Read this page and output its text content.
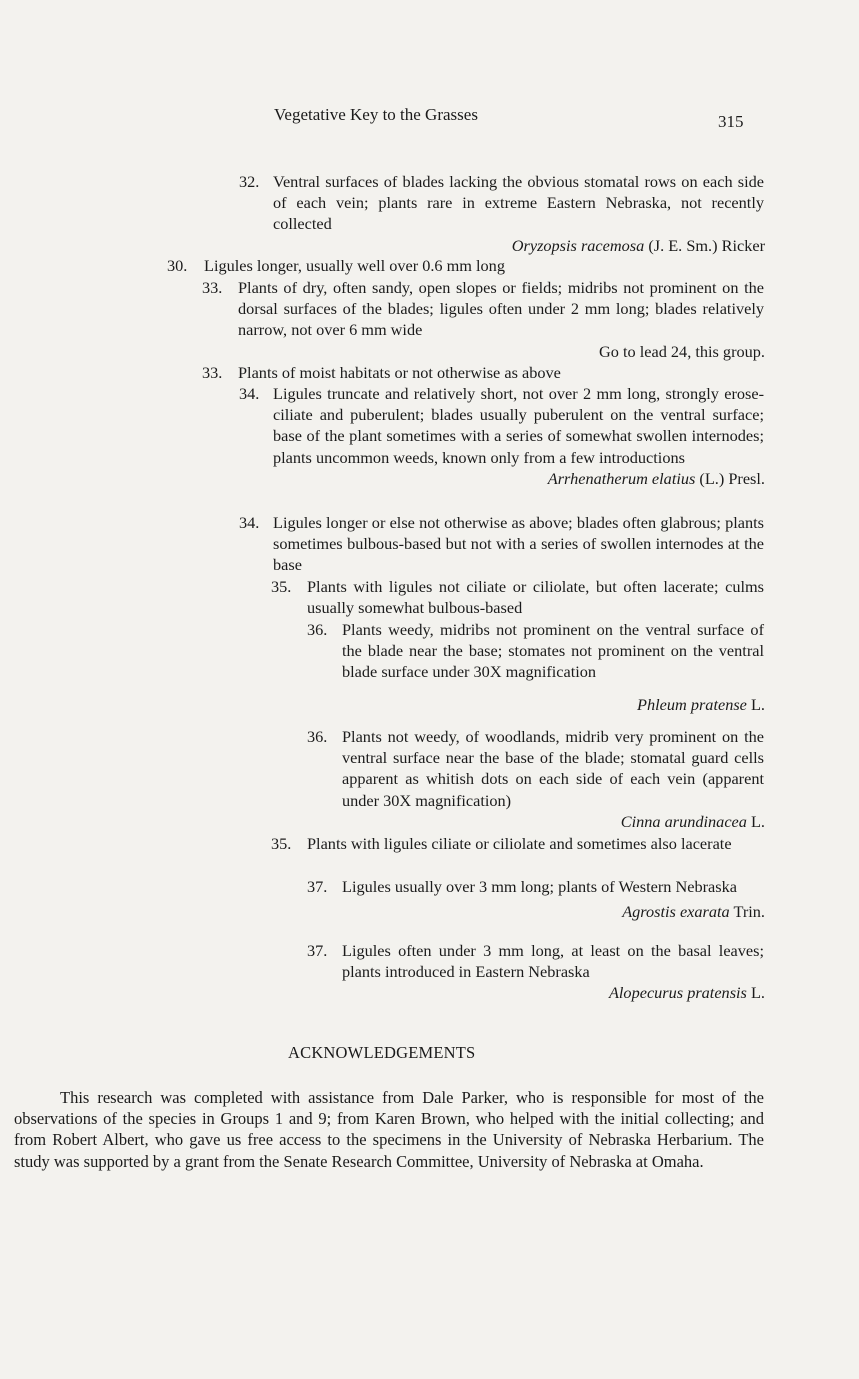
Vegetative Key to the Grasses	315
32. Ventral surfaces of blades lacking the obvious stomatal rows on each side of each vein; plants rare in extreme Eastern Nebraska, not recently collected
Oryzopsis racemosa (J. E. Sm.) Ricker
30. Ligules longer, usually well over 0.6 mm long
33. Plants of dry, often sandy, open slopes or fields; midribs not prominent on the dorsal surfaces of the blades; ligules often under 2 mm long; blades relatively narrow, not over 6 mm wide
Go to lead 24, this group.
33. Plants of moist habitats or not otherwise as above
34. Ligules truncate and relatively short, not over 2 mm long, strongly erose-ciliate and puberulent; blades usually puberulent on the ventral surface; base of the plant sometimes with a series of somewhat swollen internodes; plants uncommon weeds, known only from a few introductions
Arrhenatherum elatius (L.) Presl.
34. Ligules longer or else not otherwise as above; blades often glabrous; plants sometimes bulbous-based but not with a series of swollen internodes at the base
35. Plants with ligules not ciliate or ciliolate, but often lacerate; culms usually somewhat bulbous-based
36. Plants weedy, midribs not prominent on the ventral surface of the blade near the base; stomates not prominent on the ventral blade surface under 30X magnification
Phleum pratense L.
36. Plants not weedy, of woodlands, midrib very prominent on the ventral surface near the base of the blade; stomatal guard cells apparent as whitish dots on each side of each vein (apparent under 30X magnification)
Cinna arundinacea L.
35. Plants with ligules ciliate or ciliolate and sometimes also lacerate
37. Ligules usually over 3 mm long; plants of Western Nebraska
Agrostis exarata Trin.
37. Ligules often under 3 mm long, at least on the basal leaves; plants introduced in Eastern Nebraska
Alopecurus pratensis L.
ACKNOWLEDGEMENTS
This research was completed with assistance from Dale Parker, who is responsible for most of the observations of the species in Groups 1 and 9; from Karen Brown, who helped with the initial collecting; and from Robert Albert, who gave us free access to the specimens in the University of Nebraska Herbarium. The study was supported by a grant from the Senate Research Committee, University of Nebraska at Omaha.
